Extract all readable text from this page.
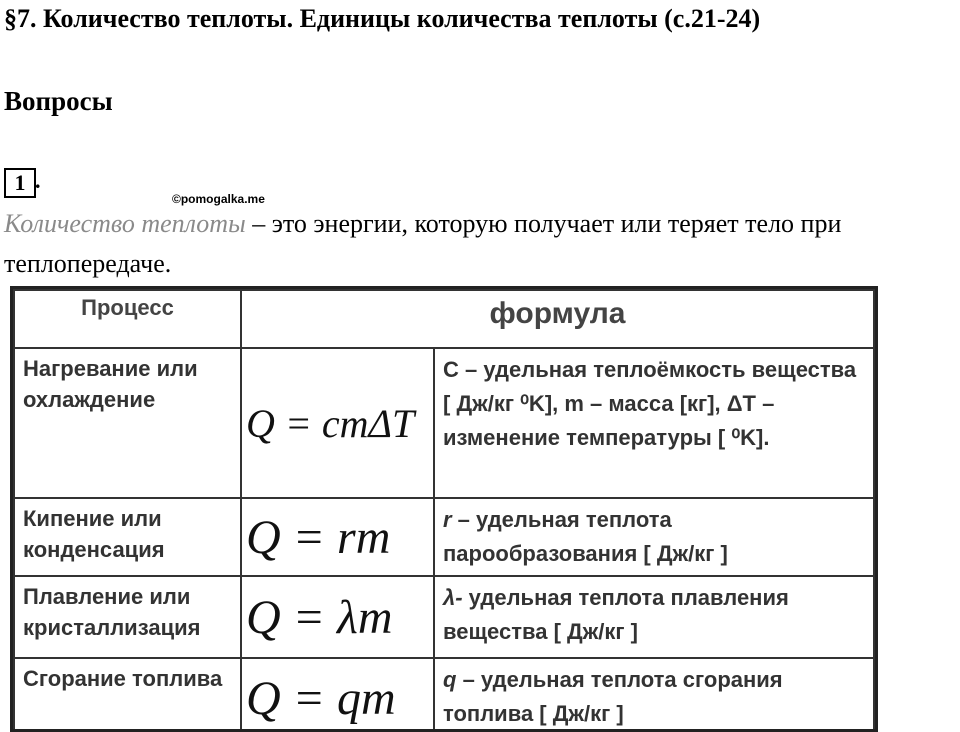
§7. Количество теплоты. Единицы количества теплоты (с.21-24)
Вопросы
1 .
©pomogalka.me
Количество теплоты – это энергии, которую получает или теряет тело при теплопередаче.
Процесс	формула	
Нагревание или охлаждение	Q = cmΔT	C – удельная теплоёмкость вещества [ Дж/кг ⁰K], m – масса [кг], ΔT – изменение температуры [ ⁰K].
Кипение или конденсация	Q = rm	r – удельная теплота парообразования [ Дж/кг ]
Плавление или кристаллизация	Q = λm	λ- удельная теплота плавления вещества [ Дж/кг ]
Сгорание топлива	Q = qm	q – удельная теплота сгорания топлива [ Дж/кг ]
